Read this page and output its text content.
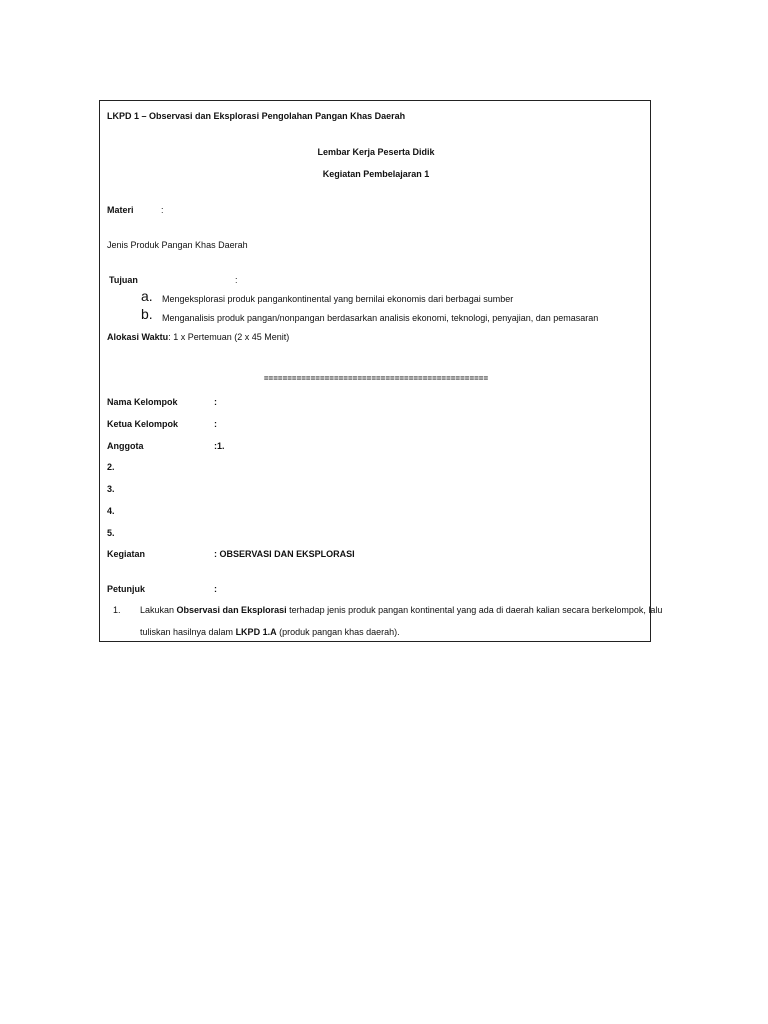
LKPD 1 – Observasi dan Eksplorasi Pengolahan Pangan Khas Daerah
Lembar Kerja Peserta Didik
Kegiatan Pembelajaran 1
Materi	:
Jenis Produk Pangan Khas Daerah
Tujuan	:
a. Mengeksplorasi produk pangankontinental yang bernilai ekonomis dari berbagai sumber
b. Menganalisis produk pangan/nonpangan berdasarkan analisis ekonomi, teknologi, penyajian, dan pemasaran
Alokasi Waktu: 1 x Pertemuan (2 x 45 Menit)
================================================
Nama Kelompok	:
Ketua Kelompok	:
Anggota	:1.
2.
3.
4.
5.
Kegiatan	: OBSERVASI DAN EKSPLORASI
Petunjuk	:
1. Lakukan Observasi dan Eksplorasi terhadap jenis produk pangan kontinental yang ada di daerah kalian secara berkelompok, lalu
tuliskan hasilnya dalam LKPD 1.A (produk pangan khas daerah).
